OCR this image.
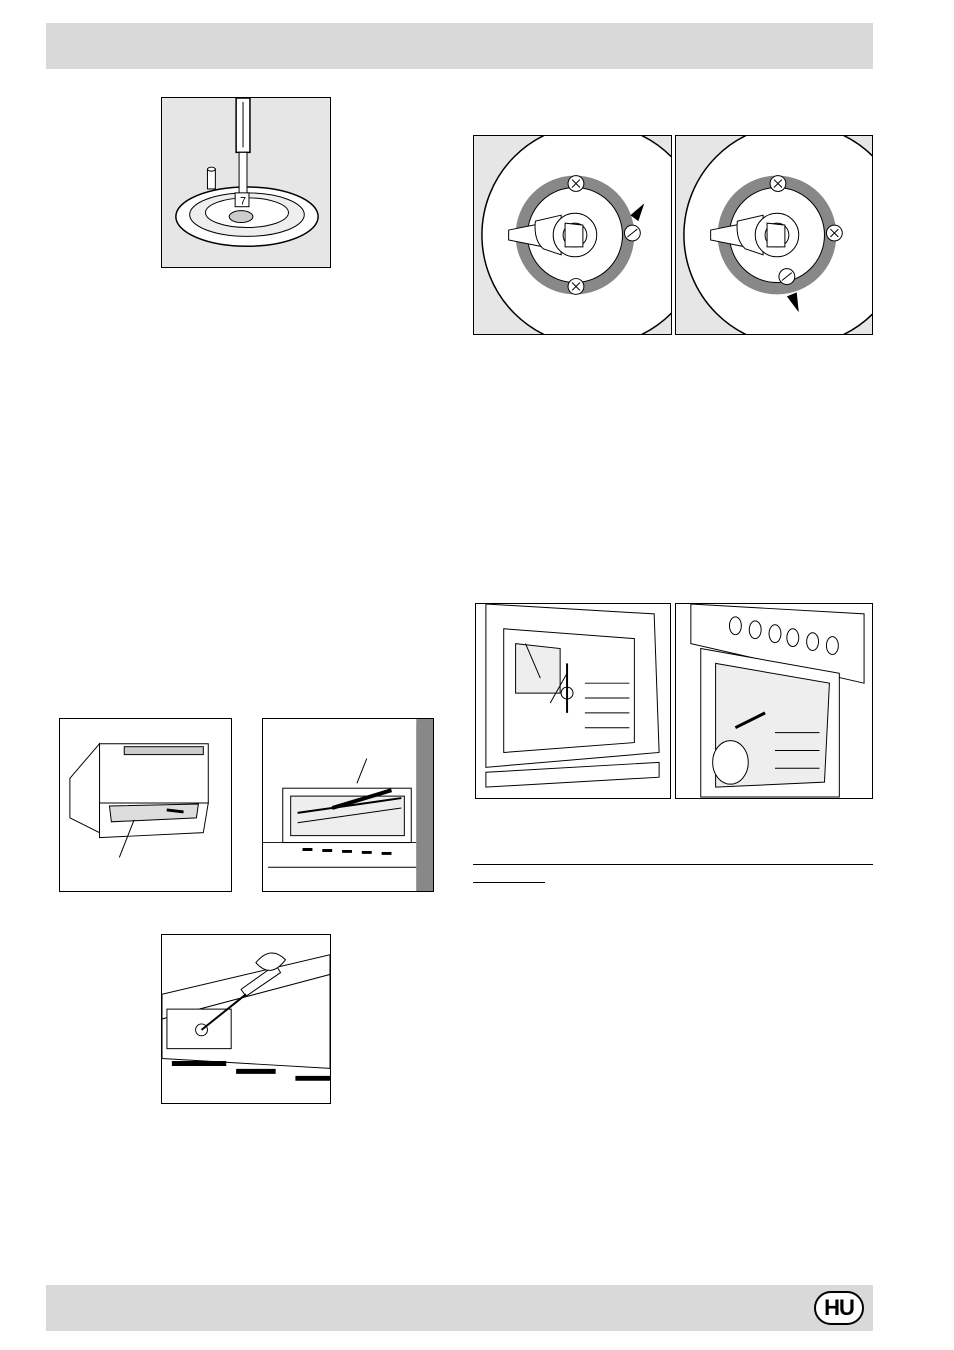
7
HU
